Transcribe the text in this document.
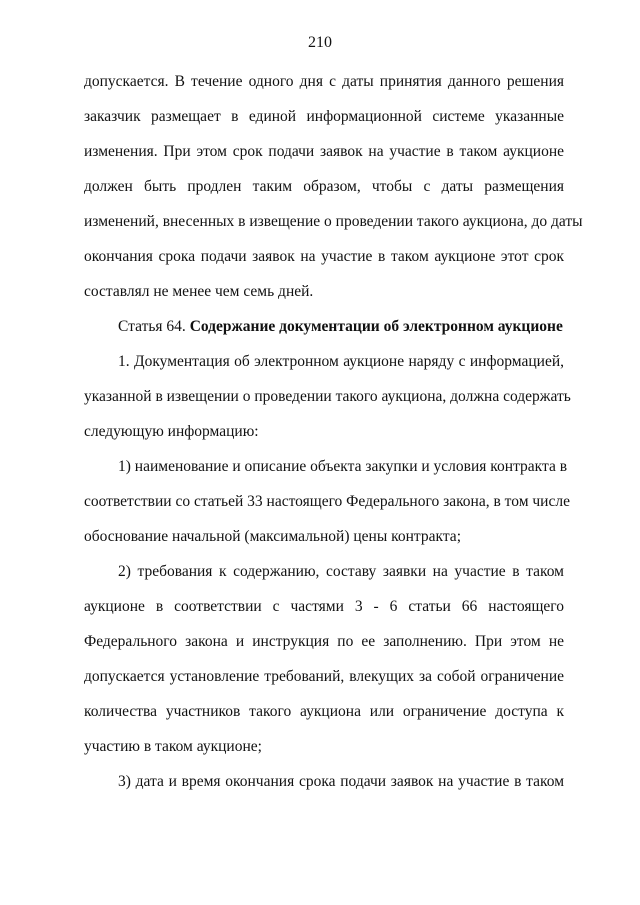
210
допускается. В течение одного дня с даты принятия данного решения
заказчик размещает в единой информационной системе указанные
изменения. При этом срок подачи заявок на участие в таком аукционе
должен быть продлен таким образом, чтобы с даты размещения
изменений, внесенных в извещение о проведении такого аукциона, до даты
окончания срока подачи заявок на участие в таком аукционе этот срок
составлял не менее чем семь дней.
Статья 64. Содержание документации об электронном аукционе
1. Документация об электронном аукционе наряду с информацией,
указанной в извещении о проведении такого аукциона, должна содержать
следующую информацию:
1) наименование и описание объекта закупки и условия контракта в
соответствии со статьей 33 настоящего Федерального закона, в том числе
обоснование начальной (максимальной) цены контракта;
2) требования к содержанию, составу заявки на участие в таком
аукционе в соответствии с частями 3 - 6 статьи 66 настоящего
Федерального закона и инструкция по ее заполнению. При этом не
допускается установление требований, влекущих за собой ограничение
количества участников такого аукциона или ограничение доступа к
участию в таком аукционе;
3) дата и время окончания срока подачи заявок на участие в таком
